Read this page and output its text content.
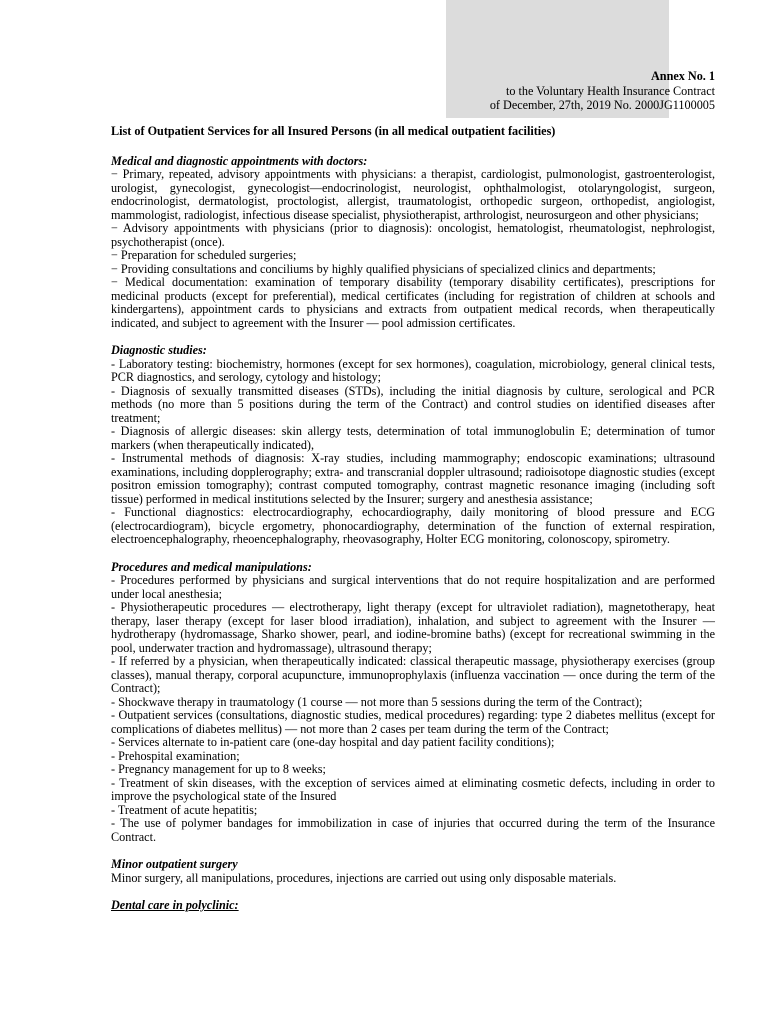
Annex No. 1
to the Voluntary Health Insurance Contract
of December, 27th, 2019 No. 2000JG1100005

List of Outpatient Services for all Insured Persons (in all medical outpatient facilities)

Medical and diagnostic appointments with doctors:

− Primary, repeated, advisory appointments with physicians: a therapist, cardiologist, pulmonologist, gastroenterologist, urologist, gynecologist, gynecologist—endocrinologist, neurologist, ophthalmologist, otolaryngologist, surgeon, endocrinologist, dermatologist, proctologist, allergist, traumatologist, orthopedic surgeon, orthopedist, angiologist, mammologist, radiologist, infectious disease specialist, physiotherapist, arthrologist, neurosurgeon and other physicians;

− Advisory appointments with physicians (prior to diagnosis): oncologist, hematologist, rheumatologist, nephrologist, psychotherapist (once).

− Preparation for scheduled surgeries;

− Providing consultations and conciliums by highly qualified physicians of specialized clinics and departments;

− Medical documentation: examination of temporary disability (temporary disability certificates), prescriptions for medicinal products (except for preferential), medical certificates (including for registration of children at schools and kindergartens), appointment cards to physicians and extracts from outpatient medical records, when therapeutically indicated, and subject to agreement with the Insurer — pool admission certificates.

Diagnostic studies:

- Laboratory testing: biochemistry, hormones (except for sex hormones), coagulation, microbiology, general clinical tests, PCR diagnostics, and serology, cytology and histology;

- Diagnosis of sexually transmitted diseases (STDs), including the initial diagnosis by culture, serological and PCR methods (no more than 5 positions during the term of the Contract) and control studies on identified diseases after treatment;

- Diagnosis of allergic diseases: skin allergy tests, determination of total immunoglobulin E; determination of tumor markers (when therapeutically indicated),

- Instrumental methods of diagnosis: X-ray studies, including mammography; endoscopic examinations; ultrasound examinations, including dopplerography; extra- and transcranial doppler ultrasound; radioisotope diagnostic studies (except positron emission tomography); contrast computed tomography, contrast magnetic resonance imaging (including soft tissue) performed in medical institutions selected by the Insurer; surgery and anesthesia assistance;

- Functional diagnostics: electrocardiography, echocardiography, daily monitoring of blood pressure and ECG (electrocardiogram), bicycle ergometry, phonocardiography, determination of the function of external respiration, electroencephalography, rheoencephalography, rheovasography, Holter ECG monitoring, colonoscopy, spirometry.

Procedures and medical manipulations:

- Procedures performed by physicians and surgical interventions that do not require hospitalization and are performed under local anesthesia;

- Physiotherapeutic procedures — electrotherapy, light therapy (except for ultraviolet radiation), magnetotherapy, heat therapy, laser therapy (except for laser blood irradiation), inhalation, and subject to agreement with the Insurer — hydrotherapy (hydromassage, Sharko shower, pearl, and iodine-bromine baths) (except for recreational swimming in the pool, underwater traction and hydromassage), ultrasound therapy;

- If referred by a physician, when therapeutically indicated: classical therapeutic massage, physiotherapy exercises (group classes), manual therapy, corporal acupuncture, immunoprophylaxis (influenza vaccination — once during the term of the Contract);

- Shockwave therapy in traumatology (1 course — not more than 5 sessions during the term of the Contract);

- Outpatient services (consultations, diagnostic studies, medical procedures) regarding: type 2 diabetes mellitus (except for complications of diabetes mellitus) — not more than 2 cases per team during the term of the Contract;

- Services alternate to in-patient care (one-day hospital and day patient facility conditions);

- Prehospital examination;

- Pregnancy management for up to 8 weeks;

- Treatment of skin diseases, with the exception of services aimed at eliminating cosmetic defects, including in order to improve the psychological state of the Insured

- Treatment of acute hepatitis;

- The use of polymer bandages for immobilization in case of injuries that occurred during the term of the Insurance Contract.

Minor outpatient surgery

Minor surgery, all manipulations, procedures, injections are carried out using only disposable materials.

Dental care in polyclinic:
